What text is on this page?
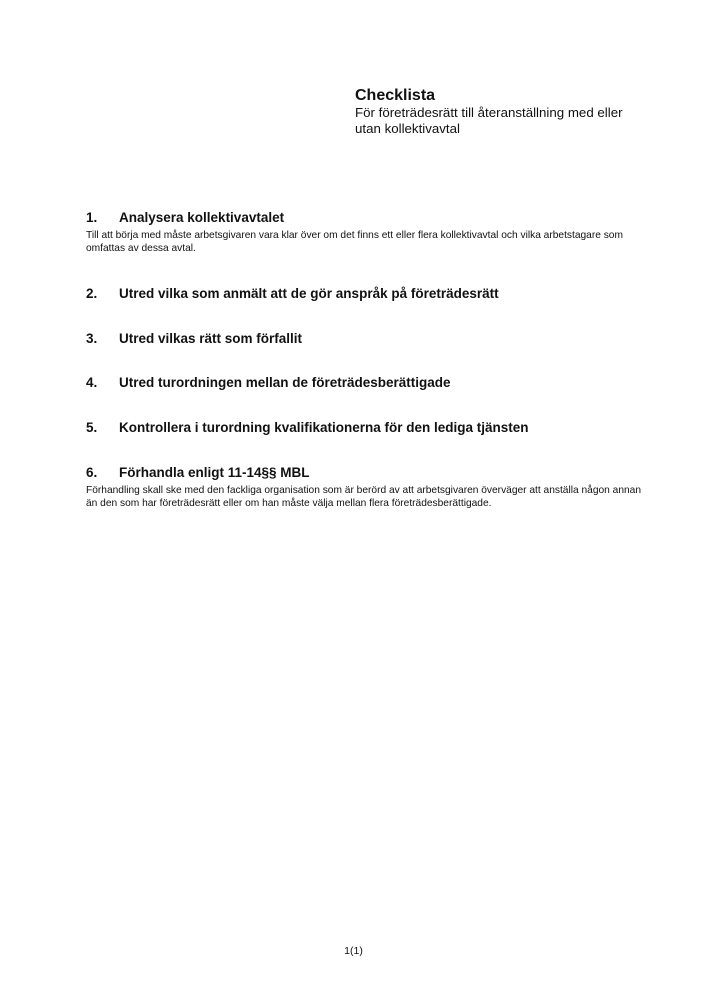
Checklista
För företrädesrätt till återanställning med eller utan kollektivavtal
1.	Analysera kollektivavtalet
Till att börja med måste arbetsgivaren vara klar över om det finns ett eller flera kollektivavtal och vilka arbetstagare som omfattas av dessa avtal.
2.	Utred vilka som anmält att de gör anspråk på företrädesrätt
3.	Utred vilkas rätt som förfallit
4.	Utred turordningen mellan de företrädesberättigade
5.	Kontrollera i turordning kvalifikationerna för den lediga tjänsten
6.	Förhandla enligt 11-14§§ MBL
Förhandling skall ske med den fackliga organisation som är berörd av att arbetsgivaren överväger att anställa någon annan än den som har företrädesrätt eller om han måste välja mellan flera företrädesberättigade.
1(1)
